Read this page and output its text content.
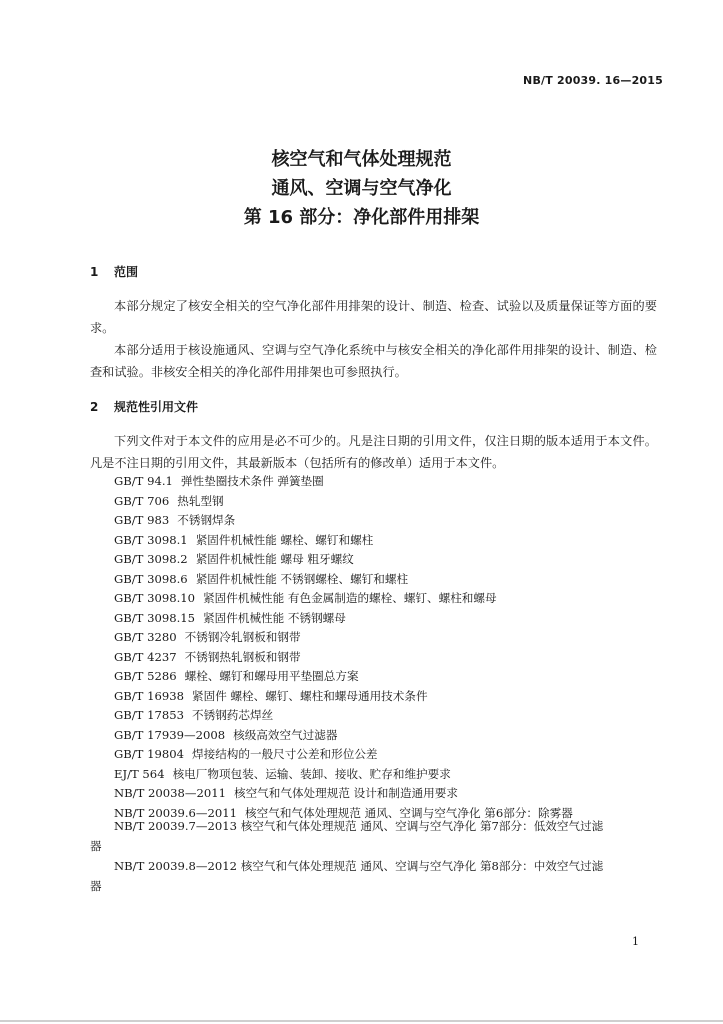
NB/T 20039. 16—2015
核空气和气体处理规范
通风、空调与空气净化
第 16 部分：净化部件用排架
1 范围
本部分规定了核安全相关的空气净化部件用排架的设计、制造、检查、试验以及质量保证等方面的要求。
本部分适用于核设施通风、空调与空气净化系统中与核安全相关的净化部件用排架的设计、制造、检查和试验。非核安全相关的净化部件用排架也可参照执行。
2 规范性引用文件
下列文件对于本文件的应用是必不可少的。凡是注日期的引用文件，仅注日期的版本适用于本文件。凡是不注日期的引用文件，其最新版本（包括所有的修改单）适用于本文件。
GB/T 94.1 弹性垫圈技术条件 弹簧垫圈
GB/T 706 热轧型钢
GB/T 983 不锈钢焊条
GB/T 3098.1 紧固件机械性能 螺栓、螺钉和螺柱
GB/T 3098.2 紧固件机械性能 螺母 粗牙螺纹
GB/T 3098.6 紧固件机械性能 不锈钢螺栓、螺钉和螺柱
GB/T 3098.10 紧固件机械性能 有色金属制造的螺栓、螺钉、螺柱和螺母
GB/T 3098.15 紧固件机械性能 不锈钢螺母
GB/T 3280 不锈钢冷轧钢板和钢带
GB/T 4237 不锈钢热轧钢板和钢带
GB/T 5286 螺栓、螺钉和螺母用平垫圈总方案
GB/T 16938 紧固件 螺栓、螺钉、螺柱和螺母通用技术条件
GB/T 17853 不锈钢药芯焊丝
GB/T 17939—2008 核级高效空气过滤器
GB/T 19804 焊接结构的一般尺寸公差和形位公差
EJ/T 564 核电厂物项包装、运输、装卸、接收、贮存和维护要求
NB/T 20038—2011 核空气和气体处理规范 设计和制造通用要求
NB/T 20039.6—2011 核空气和气体处理规范 通风、空调与空气净化 第6部分：除雾器
NB/T 20039.7—2013 核空气和气体处理规范 通风、空调与空气净化 第7部分：低效空气过滤
器
NB/T 20039.8—2012 核空气和气体处理规范 通风、空调与空气净化 第8部分：中效空气过滤
器
1
